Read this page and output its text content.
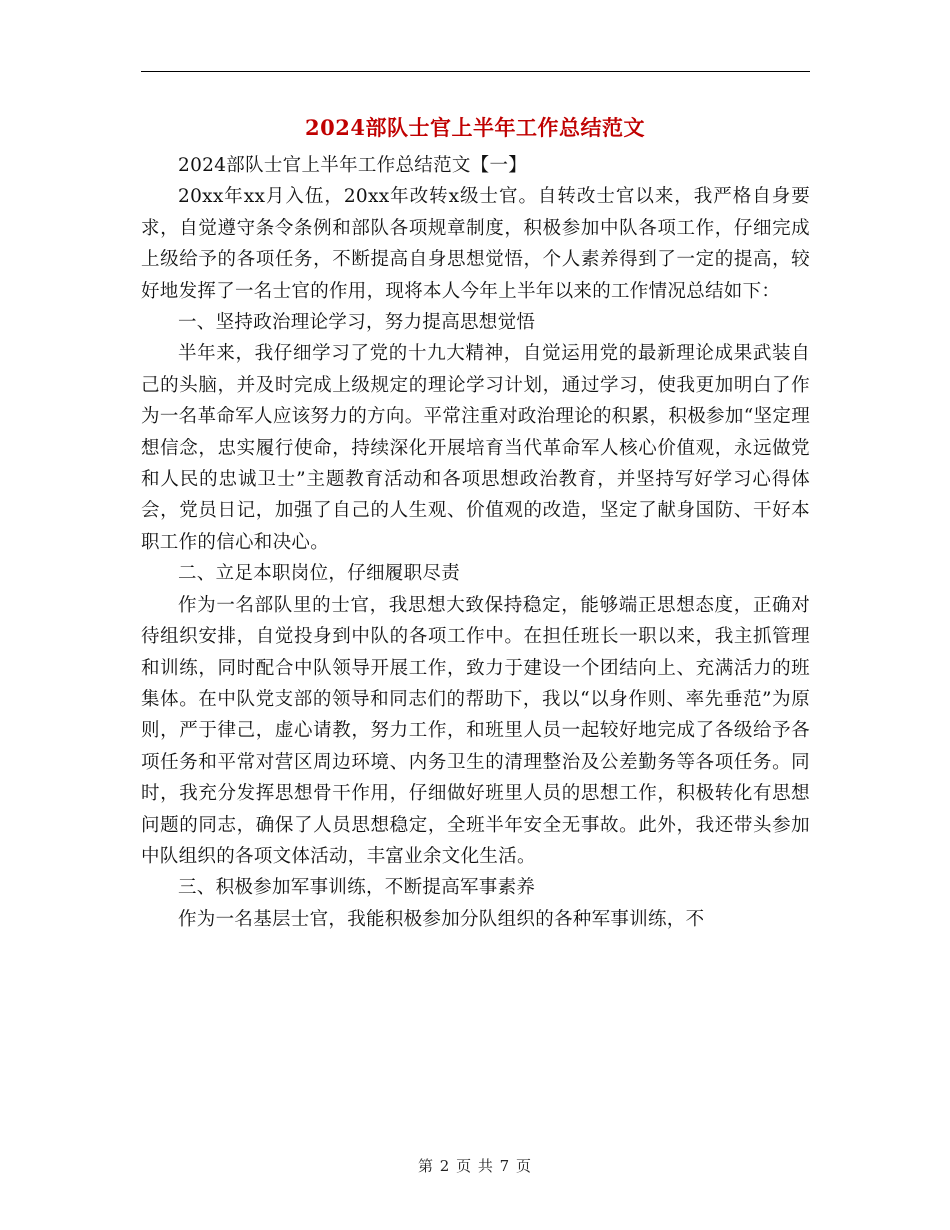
2024部队士官上半年工作总结范文

2024部队士官上半年工作总结范文【一】

20xx年xx月入伍，20xx年改转x级士官。自转改士官以来，我严格自身要求，自觉遵守条令条例和部队各项规章制度，积极参加中队各项工作，仔细完成上级给予的各项任务，不断提高自身思想觉悟，个人素养得到了一定的提高，较好地发挥了一名士官的作用，现将本人今年上半年以来的工作情况总结如下：

一、坚持政治理论学习，努力提高思想觉悟

半年来，我仔细学习了党的十九大精神，自觉运用党的最新理论成果武装自己的头脑，并及时完成上级规定的理论学习计划，通过学习，使我更加明白了作为一名革命军人应该努力的方向。平常注重对政治理论的积累，积极参加“坚定理想信念，忠实履行使命，持续深化开展培育当代革命军人核心价值观，永远做党和人民的忠诚卫士”主题教育活动和各项思想政治教育，并坚持写好学习心得体会，党员日记，加强了自己的人生观、价值观的改造，坚定了献身国防、干好本职工作的信心和决心。

二、立足本职岗位，仔细履职尽责

作为一名部队里的士官，我思想大致保持稳定，能够端正思想态度，正确对待组织安排，自觉投身到中队的各项工作中。在担任班长一职以来，我主抓管理和训练，同时配合中队领导开展工作，致力于建设一个团结向上、充满活力的班集体。在中队党支部的领导和同志们的帮助下，我以“以身作则、率先垂范”为原则，严于律己，虚心请教，努力工作，和班里人员一起较好地完成了各级给予各项任务和平常对营区周边环境、内务卫生的清理整治及公差勤务等各项任务。同时，我充分发挥思想骨干作用，仔细做好班里人员的思想工作，积极转化有思想问题的同志，确保了人员思想稳定，全班半年安全无事故。此外，我还带头参加中队组织的各项文体活动，丰富业余文化生活。

三、积极参加军事训练，不断提高军事素养

作为一名基层士官，我能积极参加分队组织的各种军事训练，不

第 2 页 共 7 页
